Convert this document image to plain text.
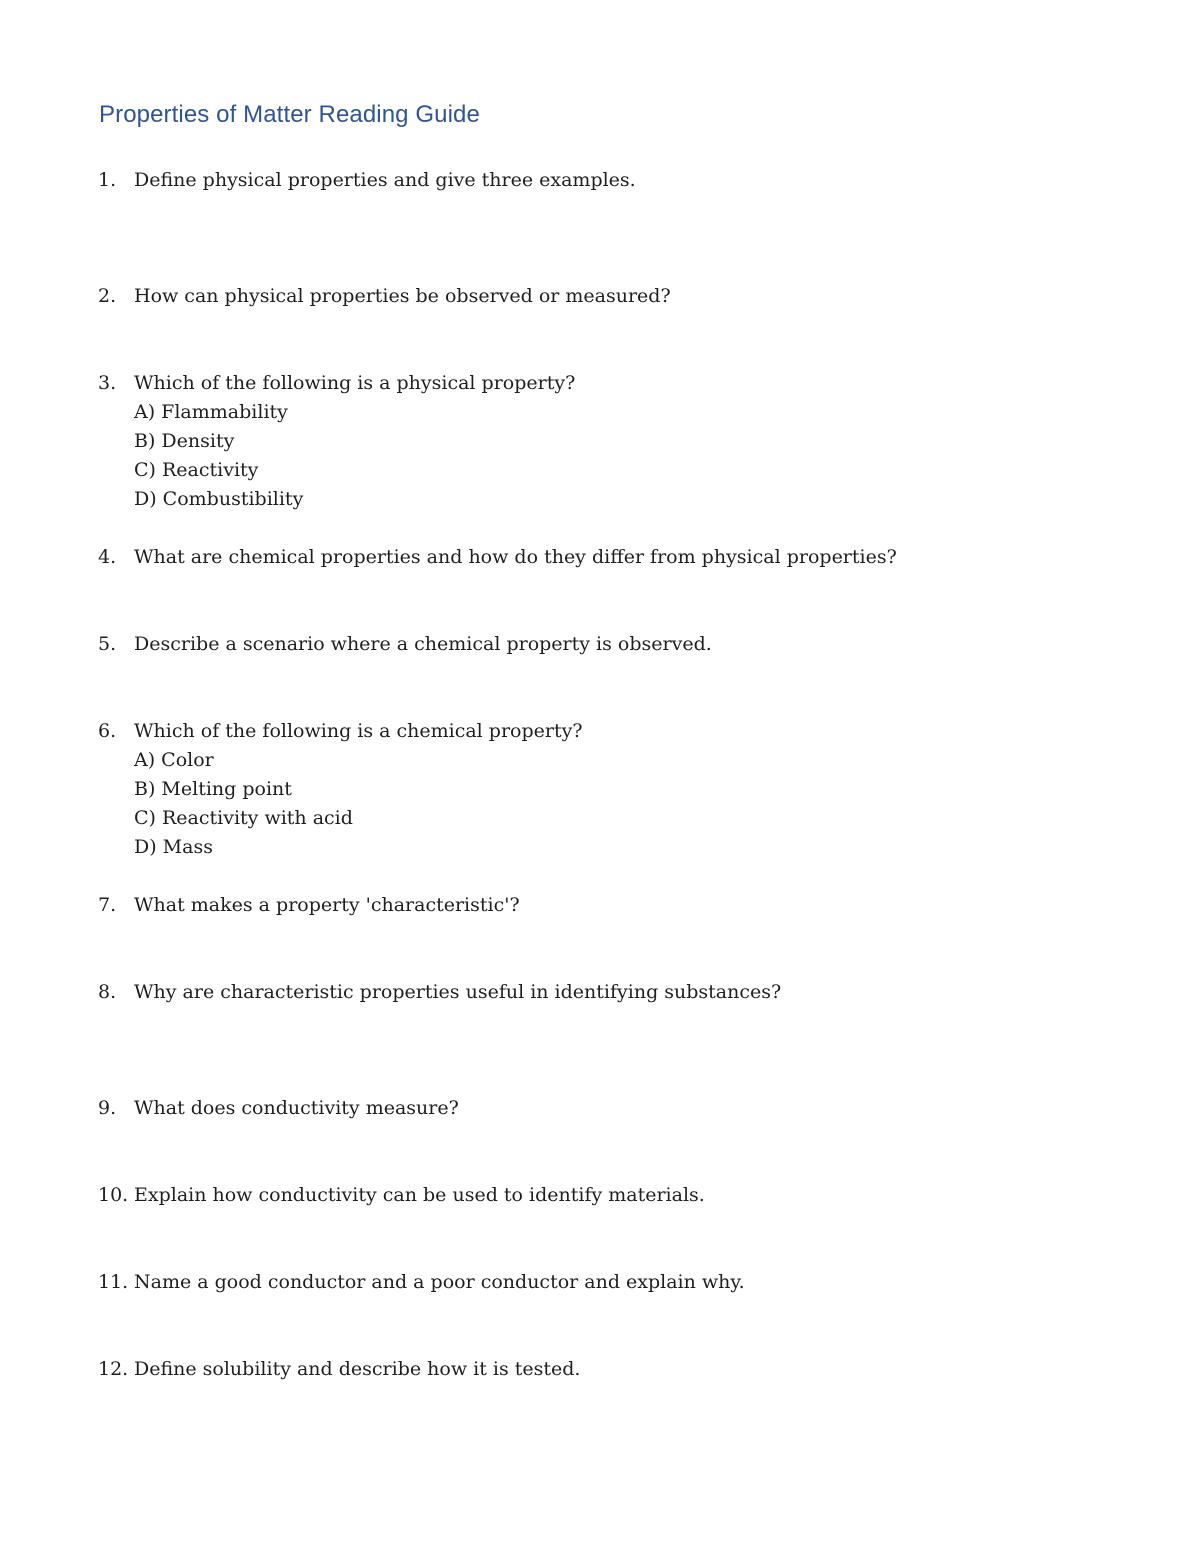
Properties of Matter Reading Guide
1. Define physical properties and give three examples.
2. How can physical properties be observed or measured?
3. Which of the following is a physical property?
A) Flammability
B) Density
C) Reactivity
D) Combustibility
4. What are chemical properties and how do they differ from physical properties?
5. Describe a scenario where a chemical property is observed.
6. Which of the following is a chemical property?
A) Color
B) Melting point
C) Reactivity with acid
D) Mass
7. What makes a property 'characteristic'?
8. Why are characteristic properties useful in identifying substances?
9. What does conductivity measure?
10. Explain how conductivity can be used to identify materials.
11. Name a good conductor and a poor conductor and explain why.
12. Define solubility and describe how it is tested.
